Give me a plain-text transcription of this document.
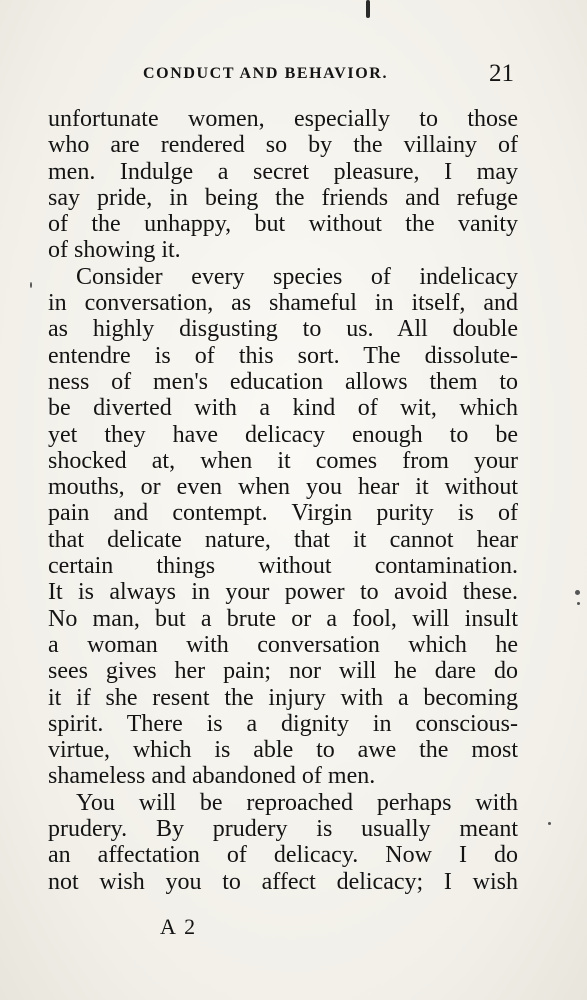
CONDUCT AND BEHAVIOR.	21
unfortunate women, especially to those
who are rendered so by the villainy of
men. Indulge a secret pleasure, I may
say pride, in being the friends and refuge
of the unhappy, but without the vanity
of showing it.
Consider every species of indelicacy
in conversation, as shameful in itself, and
as highly disgusting to us. All double
entendre is of this sort. The dissolute-
ness of men's education allows them to
be diverted with a kind of wit, which
yet they have delicacy enough to be
shocked at, when it comes from your
mouths, or even when you hear it without
pain and contempt. Virgin purity is of
that delicate nature, that it cannot hear
certain things without contamination.
It is always in your power to avoid these.
No man, but a brute or a fool, will insult
a woman with conversation which he
sees gives her pain; nor will he dare do
it if she resent the injury with a becoming
spirit. There is a dignity in conscious-
virtue, which is able to awe the most
shameless and abandoned of men.
You will be reproached perhaps with
prudery. By prudery is usually meant
an affectation of delicacy. Now I do
not wish you to affect delicacy; I wish
A 2
